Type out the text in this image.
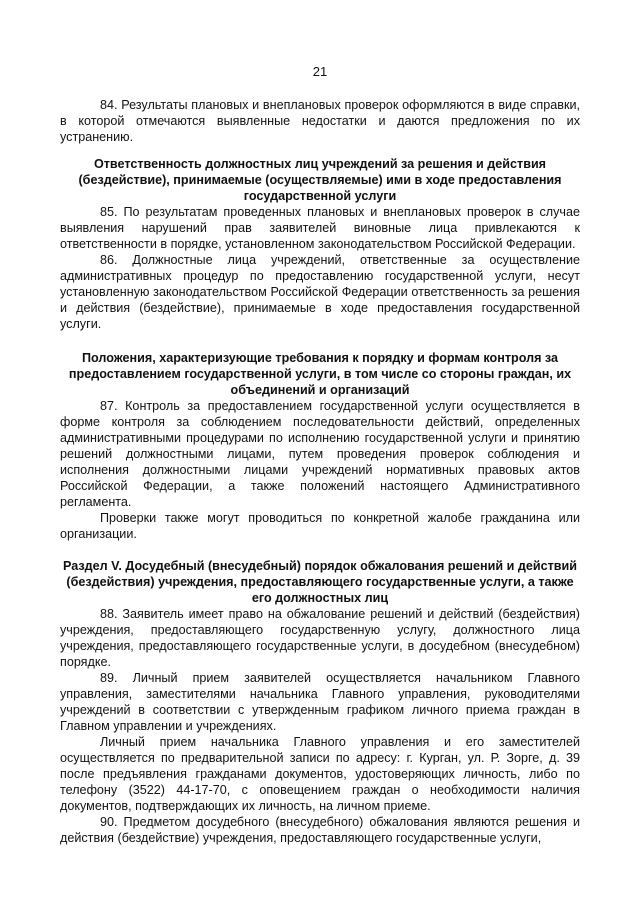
21

84. Результаты плановых и внеплановых проверок оформляются в виде справки, в которой отмечаются выявленные недостатки и даются предложения по их устранению.

Ответственность должностных лиц учреждений за решения и действия (бездействие), принимаемые (осуществляемые) ими в ходе предоставления государственной услуги

85. По результатам проведенных плановых и внеплановых проверок в случае выявления нарушений прав заявителей виновные лица привлекаются к ответственности в порядке, установленном законодательством Российской Федерации.

86. Должностные лица учреждений, ответственные за осуществление административных процедур по предоставлению государственной услуги, несут установленную законодательством Российской Федерации ответственность за решения и действия (бездействие), принимаемые в ходе предоставления государственной услуги.

Положения, характеризующие требования к порядку и формам контроля за предоставлением государственной услуги, в том числе со стороны граждан, их объединений и организаций

87. Контроль за предоставлением государственной услуги осуществляется в форме контроля за соблюдением последовательности действий, определенных административными процедурами по исполнению государственной услуги и принятию решений должностными лицами, путем проведения проверок соблюдения и исполнения должностными лицами учреждений нормативных правовых актов Российской Федерации, а также положений настоящего Административного регламента.

Проверки также могут проводиться по конкретной жалобе гражданина или организации.

Раздел V. Досудебный (внесудебный) порядок обжалования решений и действий (бездействия) учреждения, предоставляющего государственные услуги, а также его должностных лиц

88. Заявитель имеет право на обжалование решений и действий (бездействия) учреждения, предоставляющего государственную услугу, должностного лица учреждения, предоставляющего государственные услуги, в досудебном (внесудебном) порядке.

89. Личный прием заявителей осуществляется начальником Главного управления, заместителями начальника Главного управления, руководителями учреждений в соответствии с утвержденным графиком личного приема граждан в Главном управлении и учреждениях.

Личный прием начальника Главного управления и его заместителей осуществляется по предварительной записи по адресу: г. Курган, ул. Р. Зорге, д. 39 после предъявления гражданами документов, удостоверяющих личность, либо по телефону (3522) 44-17-70, с оповещением граждан о необходимости наличия документов, подтверждающих их личность, на личном приеме.

90. Предметом досудебного (внесудебного) обжалования являются решения и действия (бездействие) учреждения, предоставляющего государственные услуги,
